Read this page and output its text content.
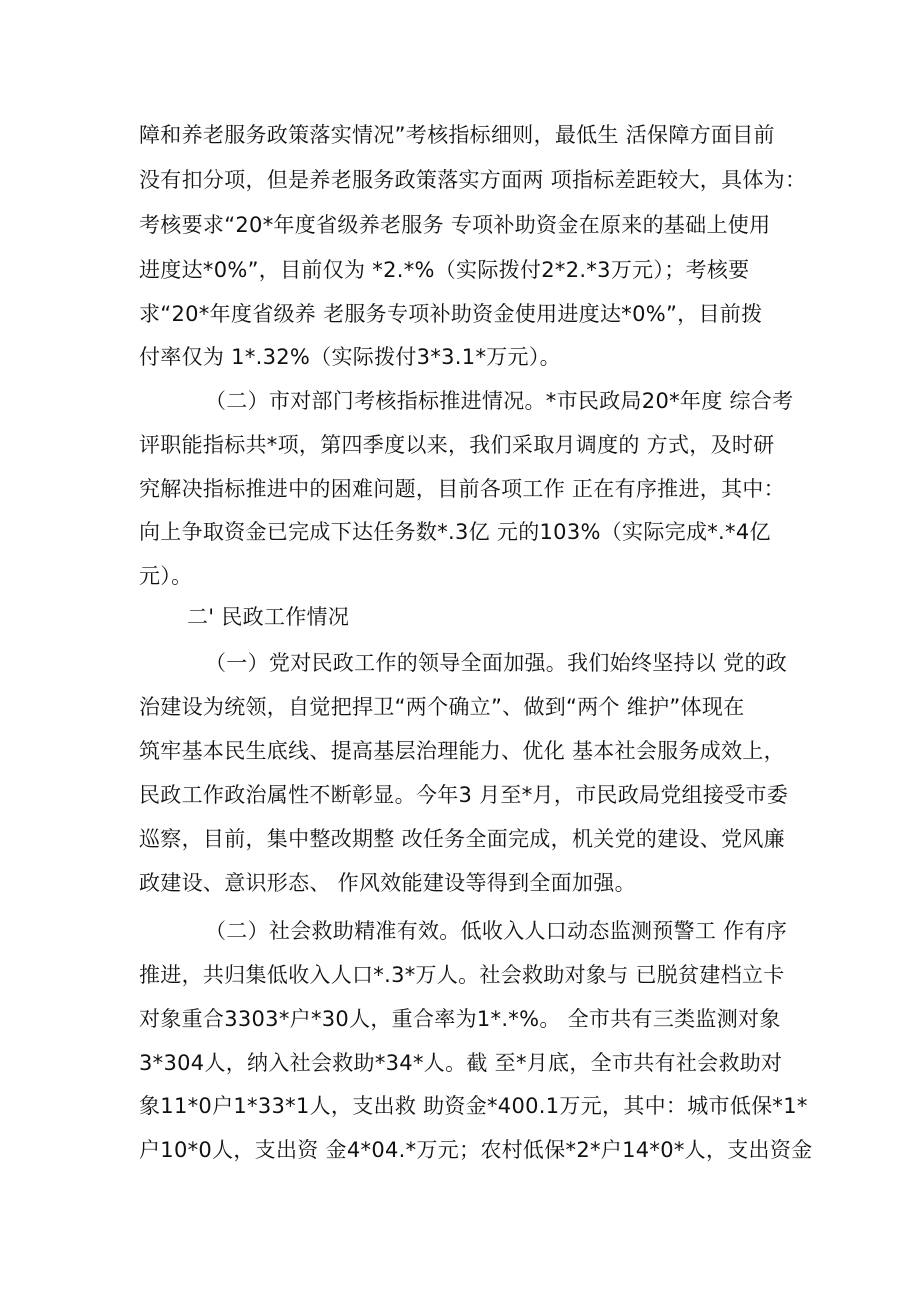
障和养老服务政策落实情况”考核指标细则，最低生 活保障方面目前
没有扣分项，但是养老服务政策落实方面两 项指标差距较大，具体为：
考核要求“20*年度省级养老服务 专项补助资金在原来的基础上使用
进度达*0%”，目前仅为 *2.*%（实际拨付2*2.*3万元）；考核要
求“20*年度省级养 老服务专项补助资金使用进度达*0%”，目前拨
付率仅为 1*.32%（实际拨付3*3.1*万元）。
（二）市对部门考核指标推进情况。*市民政局20*年度 综合考
评职能指标共*项，第四季度以来，我们采取月调度的 方式，及时研
究解决指标推进中的困难问题，目前各项工作 正在有序推进，其中：
向上争取资金已完成下达任务数*.3亿 元的103%（实际完成*.*4亿
元）。
二' 民政工作情况
（一）党对民政工作的领导全面加强。我们始终坚持以 党的政
治建设为统领，自觉把捍卫“两个确立”、做到“两个 维护”体现在
筑牢基本民生底线、提高基层治理能力、优化 基本社会服务成效上，
民政工作政治属性不断彰显。今年3 月至*月，市民政局党组接受市委
巡察，目前，集中整改期整 改任务全面完成，机关党的建设、党风廉
政建设、意识形态、 作风效能建设等得到全面加强。
（二）社会救助精准有效。低收入人口动态监测预警工 作有序
推进，共归集低收入人口*.3*万人。社会救助对象与 已脱贫建档立卡
对象重合3303*户*30人，重合率为1*.*%。 全市共有三类监测对象
3*304人，纳入社会救助*34*人。截 至*月底，全市共有社会救助对
象11*0户1*33*1人，支出救 助资金*400.1万元，其中：城市低保*1*
户10*0人，支出资 金4*04.*万元；农村低保*2*户14*0*人，支出资金
